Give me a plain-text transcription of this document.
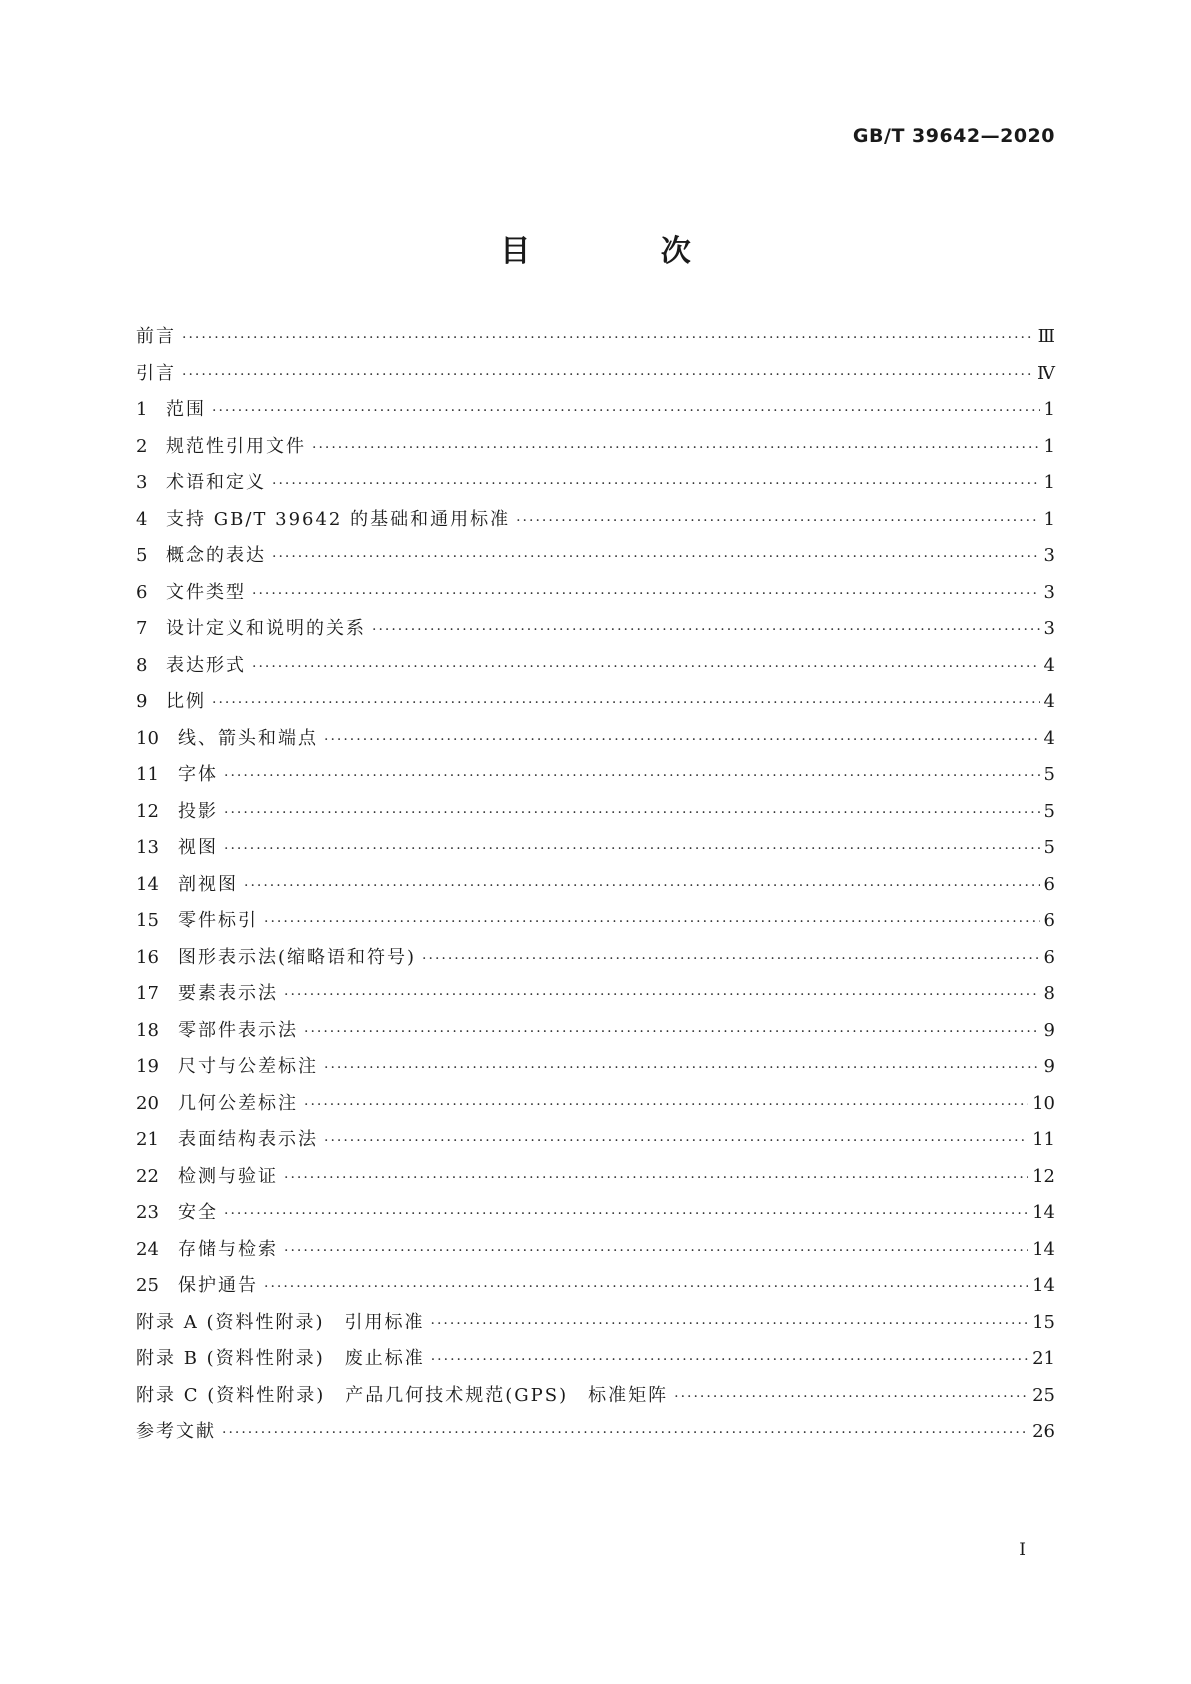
GB/T 39642—2020
目 次
前言 ·····	Ⅲ
引言 ·····	Ⅳ
1	范围 ·····	1
2	规范性引用文件 ·····	1
3	术语和定义 ·····	1
4	支持 GB/T 39642 的基础和通用标准 ·····	1
5	概念的表达 ·····	3
6	文件类型 ·····	3
7	设计定义和说明的关系 ·····	3
8	表达形式 ·····	4
9	比例 ·····	4
10	线、箭头和端点 ·····	4
11	字体 ·····	5
12	投影 ·····	5
13	视图 ·····	5
14	剖视图 ·····	6
15	零件标引 ·····	6
16	图形表示法(缩略语和符号) ·····	6
17	要素表示法 ·····	8
18	零部件表示法 ·····	9
19	尺寸与公差标注 ·····	9
20	几何公差标注 ·····	10
21	表面结构表示法 ·····	11
22	检测与验证 ·····	12
23	安全 ·····	14
24	存储与检索 ·····	14
25	保护通告 ·····	14
附录 A (资料性附录)　引用标准 ·····	15
附录 B (资料性附录)　废止标准 ·····	21
附录 C (资料性附录)　产品几何技术规范(GPS)　标准矩阵 ·····	25
参考文献 ·····	26
I
